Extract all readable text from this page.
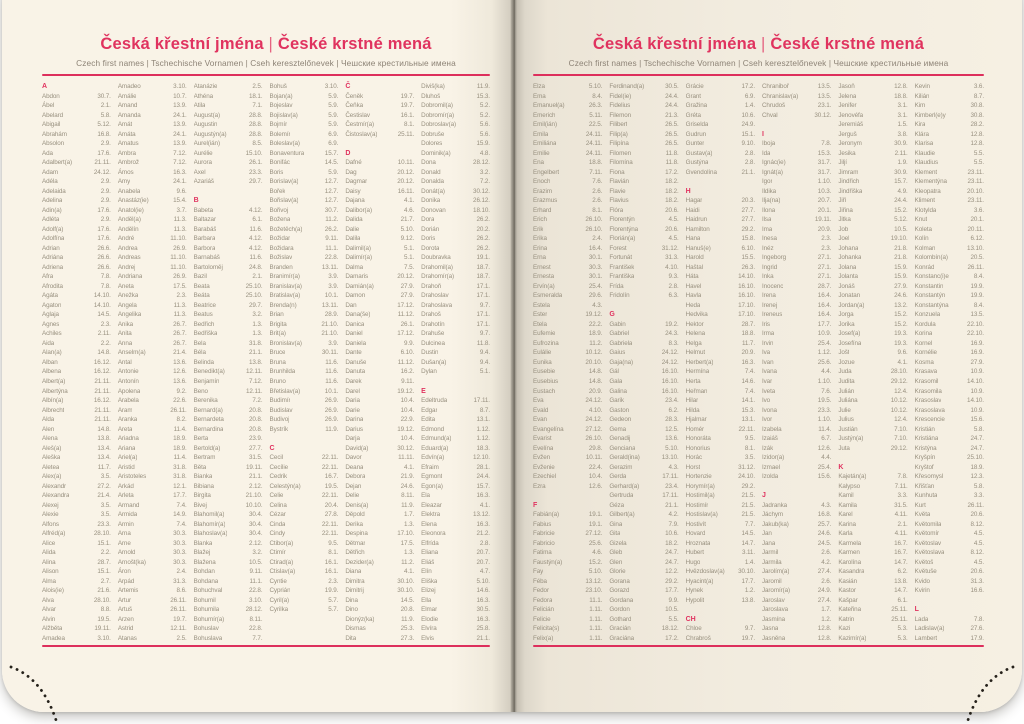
Česká křestní jména | České krstné mená
Czech first names | Tschechische Vornamen | Cseh keresztelőnevek | Чешские крестильные имена
A
Abdon	30.7.
Ábel	2.1.
Abelard	5.8.
Abigail	5.12.
Abrahám	16.8.
Absolon	2.9.
Ada	17.6.
Adalbert(a)	21.11.
Adam	24.12.
Adéla	2.9.
Adelaida	2.9.
Adelina	2.9.
Adin(a)	17.6.
Adléta	2.9.
Adolf(a)	17.6.
Adolfína	17.6.
Adrian	26.6.
Adriána	26.6.
Adriena	26.6.
Afra	7.8.
Afrodita	7.8.
Agáta	14.10.
Agaton	14.10.
Aglaja	14.5.
Agnes	2.3.
Achiles	2.11.
Aida	2.2.
Alan(a)	14.8.
Alban	16.12.
Albena	16.12.
Albert(a)	21.11.
Albertýna	21.11.
Albín(a)	16.12.
Albrecht	21.11.
Alda	21.11.
Alen	14.8.
Alena	13.8.
Aleš(a)	13.4.
Aleška	13.4.
Aletea	11.7.
Alex(a)	3.5.
Alexandr	27.2.
Alexandra	21.4.
Alexej	3.5.
Alexie	3.5.
Alfons	23.3.
Alfréd(a)	28.10.
Alice	15.1.
Alida	2.2.
Alina	28.7.
Alison	15.1.
Alma	2.7.
Alois(ie)	21.6.
Alva	28.10.
Alvar	8.8.
Alvin	19.5.
Alžběta	19.11.
Amadea	3.10.
Amadeo	3.10.
Amálie	10.7.
Amand	13.9.
Amanda	24.1.
Amát	13.9.
Amáta	24.1.
Amatus	13.9.
Ambra	7.12.
Ambrož	7.12.
Ámos	16.3.
Amy	24.1.
Anabela	9.6.
Anastáz(ie)	15.4.
Anatol(ie)	3.7.
Anděl(a)	11.3.
Andělín	11.3.
André	11.10.
Andrea	26.9.
Andreas	11.10.
Andrej	11.10.
Andriana	26.9.
Aneta	17.5.
Anežka	2.3.
Angela	11.3.
Angelika	11.3.
Anika	26.7.
Anita	26.7.
Anna	26.7.
Anselm(a)	21.4.
Antal	13.6.
Antonie	12.6.
Antonín	13.6.
Apolena	9.2.
Arabela	22.6.
Aram	26.11.
Aranka	8.2.
Areta	11.4.
Ariadna	18.9.
Ariana	18.9.
Ariel(a)	11.4.
Aristid	31.8.
Aristoteles	31.8.
Arkád	12.1.
Arleta	17.7.
Armand	7.4.
Armida	14.9.
Armin	7.4.
Arna	30.3.
Arne	30.3.
Arnold	30.3.
Arnošt(ka)	30.3.
Áron	2.4.
Arpád	31.3.
Artemis	8.6.
Artur	26.11.
Artuš	26.11.
Arzen	19.7.
Astrid	12.11.
Atanas	2.5.
Atanázie	2.5.
Athéna	18.1.
Atila	7.1.
August(a)	28.8.
Augustin	28.8.
Augustýn(a)	28.8.
Aurel(ián)	8.5.
Aurélie	15.10.
Aurora	26.1.
Axel	23.3.
Azariáš	29.7.
B
Babeta	4.12.
Baltazar	6.1.
Barabáš	11.6.
Barbara	4.12.
Barbora	4.12.
Barnabáš	11.6.
Bartoloměj	24.8.
Bazil	2.1.
Beata	25.10.
Beáta	25.10.
Beatrice	29.7.
Beatus	3.2.
Bedřich	1.3.
Bedřiška	1.3.
Bela	31.8.
Béla	21.1.
Belinda	13.8.
Benedikt(a)	12.11.
Benjamín	7.12.
Beno	12.11.
Berenika	7.2.
Bernard(a)	20.8.
Bernardeta	20.8.
Bernardina	20.8.
Berta	23.9.
Bertold(a)	27.7.
Bertram	31.5.
Běta	19.11.
Bianka	21.1.
Bibiana	2.12.
Birgita	21.10.
Bivej	10.10.
Blahomil(a)	30.4.
Blahomír(a)	30.4.
Blahoslav(a)	30.4.
Blanka	2.12.
Blažej	3.2.
Blažena	10.5.
Bohdan	9.11.
Bohdana	11.1.
Bohuchval	22.8.
Bohumil	3.10.
Bohumila	28.12.
Bohumír(a)	8.11.
Bohuslav	22.8.
Bohuslava	7.7.
Bohuš	3.10.
Bojan(a)	5.9.
Bojeslav	5.9.
Bojislav(a)	5.9.
Bojmír	5.9.
Bolemír	6.9.
Boleslav(a)	6.9.
Bonaventura	15.7.
Bonifác	14.5.
Boris	5.9.
Borislav(a)	12.7.
Bořek	12.7.
Bořislav(a)	12.7.
Bořivoj	30.7.
Božena	11.2.
Božetěch(a)	26.2.
Božidar	9.11.
Božidara	11.1.
Božislav	22.8.
Branden	13.11.
Branimír(a)	3.9.
Branislav(a)	3.9.
Bratislav(a)	10.1.
Brenda(n)	13.11.
Brian	28.9.
Brigita	21.10.
Brit(a)	21.10.
Bronislav(a)	3.9.
Bruce	30.11.
Bruna	11.6.
Brunhilda	11.6.
Bruno	11.6.
Břetislav(a)	10.1.
Budimír	26.9.
Budislav	26.9.
Budivoj	26.9.
Bystrík	11.9.
C
Cecil	22.11.
Cecílie	22.11.
Cedrik	16.7.
Celestýn(a)	19.5.
Celie	22.11.
Celina	20.4.
Cézar	27.8.
Cinda	22.11.
Cindy	22.11.
Ctibor(a)	9.5.
Ctimír	8.1.
Ctirad(a)	16.1.
Ctislav(a)	16.1.
Cyntie	2.3.
Cyprián	19.9.
Cyril(a)	5.7.
Cyrilka	5.7.
Č
Čeněk	19.7.
Čeňka	19.7.
Čestislav	16.1.
Čestmír(a)	8.1.
Čistoslav(a)	25.11.
D
Dafné	10.11.
Dag	20.12.
Dagmar	20.12.
Daisy	16.11.
Dajana	4.1.
Dalibor(a)	4.6.
Dalida	21.7.
Dalie	5.10.
Dalila	9.12.
Dalimil(a)	5.1.
Dalimír(a)	5.1.
Dalma	7.5.
Damaris	20.12.
Damián(a)	27.9.
Damon	27.9.
Dan	17.12.
Dana(še)	11.12.
Danica	26.1.
Daniel	17.12.
Daniela	9.9.
Dante	6.10.
Danuše	11.12.
Danuta	16.2.
Darek	9.11.
Darel	19.12.
Daria	10.4.
Darie	10.4.
Darina	22.9.
Darius	19.12.
Darja	10.4.
David(a)	30.12.
Davor	11.11.
Deana	4.1.
Debora	21.9.
Dejan	24.6.
Delie	8.11.
Denis(a)	11.9.
Děpold	1.7.
Derika	1.3.
Despina	17.10.
Dětmar	17.5.
Dětřich	1.3.
Dezider(a)	11.2.
Diana	4.1.
Dimitra	30.10.
Dimitrij	30.10.
Dina	14.5.
Dino	20.8.
Dionýz(ka)	11.9.
Dismas	25.3.
Dita	27.3.
Diviš(ka)	11.9.
Dluhoš	15.3.
Dobromil(a)	5.2.
Dobromír(a)	5.2.
Dobroslav(a)	5.6.
Dobruše	5.6.
Dolores	15.9.
Dominik(a)	4.8.
Dona	28.12.
Donald	3.2.
Donalda	7.2.
Donát(a)	30.12.
Donika	26.12.
Donovan	18.10.
Dora	26.2.
Dorián	20.2.
Doris	26.2.
Dorota	26.2.
Doubravka	19.1.
Drahomil(a)	18.7.
Drahomír(a)	18.7.
Drahoň	17.1.
Drahoslav	17.1.
Drahoslava	9.7.
Drahoš	17.1.
Drahotín	17.1.
Drahuše	9.7.
Dulcinea	11.8.
Dustin	9.4.
Dušan(a)	9.4.
Dylan	5.1.
E
Edeltruda	17.11.
Edgar	8.7.
Edita	13.1.
Edmond	1.12.
Edmund(a)	1.12.
Eduard(a)	18.3.
Edvín(a)	12.10.
Efraim	28.1.
Egmont	24.4.
Egon(a)	15.7.
Ela	16.3.
Eleazar	4.1.
Elektra	13.12.
Elena	16.3.
Eleonora	21.2.
Elfrída	2.8.
Eliana	20.7.
Eliáš	20.7.
Elín	4.7.
Eliška	5.10.
Elizej	14.6.
Ella	16.3.
Elmar	30.5.
Elodie	16.3.
Elvíra	25.8.
Elvis	21.1.
Česká křestní jména | České krstné mená
Czech first names | Tschechische Vornamen | Cseh keresztelőnevek | Чешские крестильные имена
Elza	5.10.
Ema	8.4.
Emanuel(a)	26.3.
Emerich	5.11.
Emil(ián)	22.5.
Emila	24.11.
Emiliána	24.11.
Emilie	24.11.
Ena	18.8.
Engelbert	7.11.
Enoch	7.6.
Erazim	2.6.
Erazmus	2.6.
Erhard	8.1.
Erich	26.10.
Erik	26.10.
Erika	2.4.
Erina	16.4.
Erna	30.1.
Ernest	30.3.
Ernesta	30.1.
Ervín(a)	25.4.
Esmeralda	29.6.
Estela	4.3.
Ester	19.12.
Etela	22.2.
Eufemie	18.9.
Eufrozina	11.2.
Eulálie	10.12.
Eunika	20.10.
Eusebie	14.8.
Eusebius	14.8.
Eustach	20.9.
Eva	24.12.
Evald	4.10.
Evan	24.12.
Evangelína	27.12.
Evarist	26.10.
Evelína	29.8.
Evžen	10.11.
Evženie	22.4.
Ezechiel	10.4.
Ezra	12.6.
F
Fabián(a)	19.1.
Fabius	19.1.
Fabricie	27.12.
Fabricio	25.6.
Fatima	4.6.
Faustýn(a)	15.2.
Fay	5.10.
Féba	13.12.
Fedor	23.10.
Fedora	11.1.
Felicián	1.11.
Felicie	1.11.
Felicita(s)	1.11.
Felix(a)	1.11.
Ferdinand(a)	30.5.
Fidel(ie)	24.4.
Fidelius	24.4.
Filemon	21.3.
Filibert	26.5.
Filip(a)	26.5.
Filipína	26.5.
Filomen	11.8.
Filomína	11.8.
Fiona	17.2.
Flavián	18.2.
Flavie	18.2.
Flavius	18.2.
Flóra	20.6.
Florentýn	4.5.
Florentýna	20.6.
Florián(a)	4.5.
Forest	31.12.
Fortunát	31.3.
František	4.10.
Františka	9.3.
Frída	2.8.
Fridolín	6.3.
G
Gabin	19.2.
Gabriel	24.3.
Gabriela	8.3.
Gaius	24.12.
Gaja(na)	24.12.
Gál	16.10.
Gala	16.10.
Galina	16.10.
Garik	23.4.
Gaston	6.2.
Gedeon	28.3.
Gema	12.5.
Genadij	13.6.
Genciana	5.10.
Gerald(ina)	13.10.
Gerazim	4.3.
Gerda	17.11.
Gerhard(a)	23.4.
Gertruda	17.11.
Géza	21.1.
Gilbert(a)	4.2.
Gina	7.9.
Gita	10.6.
Gizela	18.2.
Gleb	24.7.
Glen	24.7.
Glorie	12.2.
Gorana	29.2.
Gorazd	17.7.
Gordana	9.9.
Gordon	10.5.
Gothard	5.5.
Gracián	18.12.
Graciána	17.2.
Grácie	17.2.
Grant	6.9.
Gražina	1.4.
Gréta	10.6.
Griselda	24.9.
Gudrun	15.1.
Gunter	9.10.
Gustav(a)	2.8.
Gustýna	2.8.
Gvendolína	21.1.
H
Hagar	20.3.
Haidi	27.7.
Haidrun	27.7.
Hamilton	29.2.
Hana	15.8.
Hanuš(e)	6.10.
Harold	15.5.
Haštal	26.3.
Háta	14.10.
Havel	16.10.
Havla	16.10.
Heda	17.10.
Hedvika	17.10.
Hektor	28.7.
Helena	18.8.
Helga	11.7.
Helmut	20.9.
Herbert(a)	16.3.
Hermína	7.4.
Herta	14.6.
Heřman	7.4.
Hilar	14.1.
Hilda	15.3.
Hjalmar	13.1.
Homér	22.11.
Honoráta	9.5.
Honorius	8.1.
Horác	3.5.
Horst	31.12.
Hortenzie	24.10.
Horymír(a)	29.2.
Hostimil(a)	21.5.
Hostimír	21.5.
Hostislav(a)	21.5.
Hostivít	7.7.
Hovard	14.5.
Hroznata	14.7.
Hubert	3.11.
Hugo	1.4.
Hvězdoslav(a) 30.10.
Hyacint(a)	17.7.
Hynek	1.2.
Hypolit	13.8.
CH
Chloe	9.7.
Chrabroš	19.7.
Chraniboř	13.5.
Chranislav(a)	13.5.
Chrudoš	23.1.
Chval	30.12.
I
Iboja	7.8.
Ida	15.3.
Ignác(ie)	31.7.
Ignát(a)	31.7.
Igor	1.10.
Ildika	10.3.
Ilja(na)	20.7.
Ilona	20.1.
Ilsa	19.11.
Ima	20.9.
Inesa	2.3.
Inéz	2.3.
Ingeborg	27.1.
Ingrid	27.1.
Inka	27.1.
Inocenc	28.7.
Irena	16.4.
Irenej	16.4.
Ireneus	16.4.
Iris	17.7.
Irma	10.9.
Irvin	25.4.
Iva	1.12.
Ivan	25.6.
Ivana	4.4.
Ivar	1.10.
Iveta	7.6.
Ivo	19.5.
Ivona	23.3.
Ivor	1.10.
Izabela	11.4.
Izaiáš	6.7.
Izák	12.6.
Izidor(a)	4.4.
Izmael	25.4.
Izolda	15.6.
J
Jadranka	4.3.
Jáchym	16.8.
Jakub(ka)	25.7.
Jan	24.6.
Jana	24.5.
Jarmil	2.6.
Jarmila	4.2.
Jarolím(a)	27.4.
Jaromil	2.6.
Jaromír(a)	24.9.
Jaroslav	27.4.
Jaroslava	1.7.
Jasmína	1.2.
Jasna	12.8.
Jasněna	12.8.
Jasoň	12.8.
Jelena	18.8.
Jenifer	3.1.
Jenovéfa	3.1.
Jeremiáš	1.5.
Jerguš	3.8.
Jeronym	30.9.
Jesika	2.11.
Jiljí	1.9.
Jimram	30.9.
Jindřich	15.7.
Jindřiška	4.9.
Jiří	24.4.
Jiřina	15.2.
Jitka	5.12.
Job	10.5.
Joel	19.10.
Johana	21.8.
Johanka	21.8.
Jolana	15.9.
Jolanta	15.9.
Jonáš	27.9.
Jonatan	24.6.
Jordan(a)	13.2.
Jorga	15.2.
Jorika	15.2.
Josef(a)	19.3.
Josefína	19.3.
Jošt	9.6.
Jozue	4.1.
Juda	28.10.
Judita	29.12.
Julián	12.4.
Juliána	10.12.
Julie	10.12.
Julius	12.4.
Justián	7.10.
Justýn(a)	7.10.
Juta	29.12.
K
Kajetán(a)	7.8.
Kalypso	7.11.
Kamil	3.3.
Kamila	31.5.
Karel	4.11.
Karina	2.1.
Karla	4.11.
Karmela	16.7.
Karmen	16.7.
Karolína	14.7.
Kasandra	6.2.
Kasián	13.8.
Kastor	14.7.
Kašpar	6.1.
Kateřina	25.11.
Katrin	25.11.
Kazi	5.3.
Kazimír(a)	5.3.
Kevin	3.6.
Kilián	8.7.
Kim	30.8.
Kimberl(e)y	30.8.
Kira	28.2.
Klára	12.8.
Klarisa	12.8.
Klaudie	5.5.
Klaudius	5.5.
Klement	23.11.
Klementýna	23.11.
Kleopatra	20.10.
Kliment	23.11.
Klotylda	3.6.
Knut	20.1.
Koleta	20.11.
Kolín	6.12.
Kolman	13.10.
Kolombín(a)	20.5.
Konrád	26.11.
Konstanc(i)e	8.4.
Konstantin	19.9.
Konstantýn	19.9.
Konstantýna	8.4.
Konzuela	13.5.
Kordula	22.10.
Korina	22.10.
Kornel	16.9.
Kornélie	16.9.
Kosma	27.9.
Krasava	10.9.
Krasomil	14.10.
Krasomila	10.9.
Krasoslav	14.10.
Krasoslava	10.9.
Krescencie	15.6.
Kristián	5.8.
Kristiána	24.7.
Kristýna	24.7.
Kryšpín	25.10.
Kryštof	18.9.
Křesomysl	12.3.
Křišťan	5.8.
Kunhuta	3.3.
Kurt	26.11.
Květa	20.6.
Květomila	8.12.
Květomír	4.5.
Květoslav	4.5.
Květoslava	8.12.
Květoš	4.5.
Květuše	20.6.
Kvido	31.3.
Kvirin	16.6.
L
Lada	7.8.
Ladislav(a)	27.6.
Lambert	17.9.
